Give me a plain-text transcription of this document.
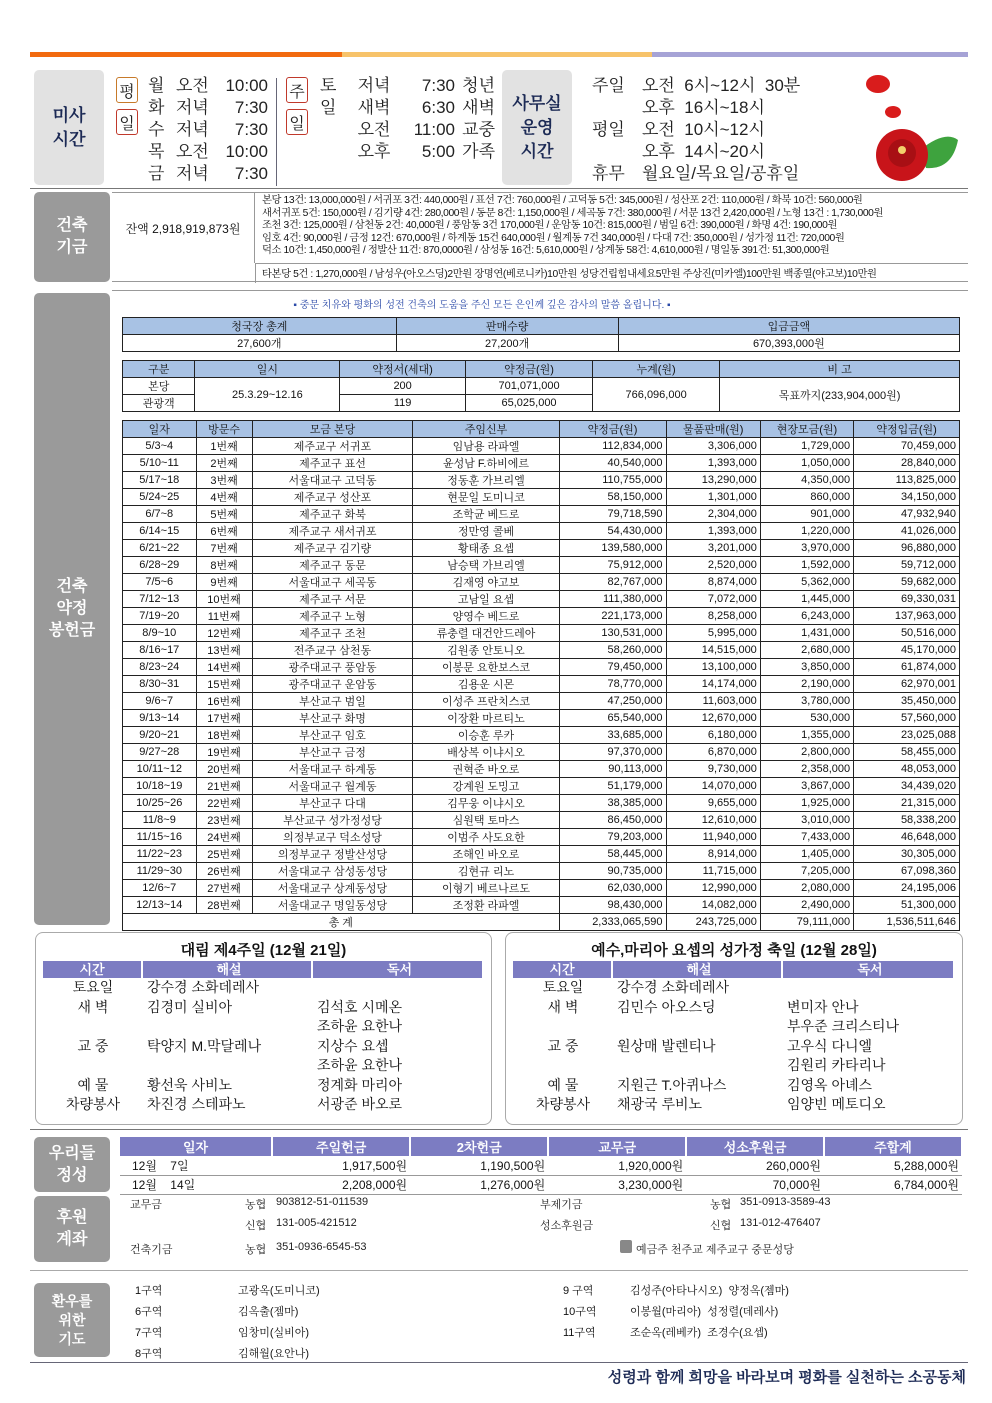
미사
시간
평
일
월 오전 10:00
화 저녁	7:30
수 저녁	7:30
목 오전 10:00
금 저녁	7:30
주
일
토	저녁	7:30 청년
일	새벽	6:30 새벽
오전	11:00 교중
오후	5:00 가족
사무실
운영
시간
주일	오전  6시~12시  30분
오후  16시~18시
평일	오전  10시~12시
오후  14시~20시
휴무	월요일/목요일/공휴일
건축
기금
잔액 2,918,919,873원
본당 13건: 13,000,000원 / 서귀포 3건: 440,000원 / 표선 7건: 760,000원 / 고덕동 5건: 345,000원 / 성산포 2건: 110,000원 / 화북 10건: 560,000원
새서귀포 5건: 150,000원 / 김기량 4건: 280,000원 / 동문 8건: 1,150,000원 / 세곡동 7건: 380,000원 / 서문 13건 2,420,000원 / 노형 13건 : 1,730,000원
조천 3건: 125,000원 / 삼천동 2건: 40,000원 / 풍암동 3건 170,000원 / 운암동 10건: 815,000원 / 범일 6건: 390,000원 / 화명 4건: 190,000원
임호 4건: 90,000원 / 금정 12건: 670,000원 / 하계동 15건 640,000원 / 월계동 7건 340,000원 / 다대 7건: 350,000원 / 성가정 11건: 720,000원
덕소 10건: 1,450,000원 / 정발산 11건: 870,0000원 / 삼성동 16건: 5,610,000원 / 상계동 58건: 4,610,000원 / 명일동 391건: 51,300,000원
타본당 5건 : 1,270,000원 / 남성우(아오스딩)2만원 장명연(베로니카)10만원 성당건립힘내세요5만원 주상진(미카엘)100만원 백종열(야고보)10만원
건축
약정
봉헌금
▪ 중문 치유와 평화의 성전 건축의 도움을 주신 모든 은인께 깊은 감사의 말씀 올립니다. ▪
청국장 총계	판매수량	입금금액
27,600개	27,200개	670,393,000원
구분	일시	약정서(세대)	약정금(원)	누계(원)	비 고
본당	25.3.29~12.16	200	701,071,000	766,096,000	목표까지(233,904,000원)
관광객		119	65,025,000		
일자	방문수	모금 본당	주임신부	약정금(원)	물품판매(원)	현장모금(원)	약정입금(원)
5/3~4	1번째	제주교구 서귀포	임남용 라파엘	112,834,000	3,306,000	1,729,000	70,459,000
5/10~11	2번째	제주교구 표선	윤성남 F.하비에르	40,540,000	1,393,000	1,050,000	28,840,000
5/17~18	3번째	서울대교구 고덕동	정동훈 가브리엘	110,755,000	13,290,000	4,350,000	113,825,000
5/24~25	4번째	제주교구 성산포	현문일 도미니코	58,150,000	1,301,000	860,000	34,150,000
6/7~8	5번째	제주교구 화북	조학균 베드로	79,718,590	2,304,000	901,000	47,932,940
6/14~15	6번째	제주교구 새서귀포	정만영 콜베	54,430,000	1,393,000	1,220,000	41,026,000
6/21~22	7번째	제주교구 김기량	황태종 요셉	139,580,000	3,201,000	3,970,000	96,880,000
6/28~29	8번째	제주교구 동문	남승택 가브리엘	75,912,000	2,520,000	1,592,000	59,712,000
7/5~6	9번째	서울대교구 세곡동	김재영 야고보	82,767,000	8,874,000	5,362,000	59,682,000
7/12~13	10번째	제주교구 서문	고남일 요셉	111,380,000	7,072,000	1,445,000	69,330,031
7/19~20	11번째	제주교구 노형	양영수 베드로	221,173,000	8,258,000	6,243,000	137,963,000
8/9~10	12번째	제주교구 조천	류충렬 대건안드레아	130,531,000	5,995,000	1,431,000	50,516,000
8/16~17	13번째	전주교구 삼천동	김원종 안토니오	58,260,000	14,515,000	2,680,000	45,170,000
8/23~24	14번째	광주대교구 풍암동	이봉문 요한보스코	79,450,000	13,100,000	3,850,000	61,874,000
8/30~31	15번째	광주대교구 운암동	김용운 시몬	78,770,000	14,174,000	2,190,000	62,970,001
9/6~7	16번째	부산교구 범일	이성주 프란치스코	47,250,000	11,603,000	3,780,000	35,450,000
9/13~14	17번째	부산교구 화명	이장환 마르티노	65,540,000	12,670,000	530,000	57,560,000
9/20~21	18번째	부산교구 임호	이승훈 루카	33,685,000	6,180,000	1,355,000	23,025,088
9/27~28	19번째	부산교구 금정	배상복 이냐시오	97,370,000	6,870,000	2,800,000	58,455,000
10/11~12	20번째	서울대교구 하계동	권혁준 바오로	90,113,000	9,730,000	2,358,000	48,053,000
10/18~19	21번째	서울대교구 월계동	강계원 도밍고	51,179,000	14,070,000	3,867,000	34,439,020
10/25~26	22번째	부산교구 다대	김무웅 이냐시오	38,385,000	9,655,000	1,925,000	21,315,000
11/8~9	23번째	부산교구 성가정성당	심원택 토마스	86,450,000	12,610,000	3,010,000	58,338,200
11/15~16	24번째	의정부교구 덕소성당	이범주 사도요한	79,203,000	11,940,000	7,433,000	46,648,000
11/22~23	25번째	의정부교구 정발산성당	조해인 바오로	58,445,000	8,914,000	1,405,000	30,305,000
11/29~30	26번째	서울대교구 삼성동성당	김현규 리노	90,735,000	11,715,000	7,205,000	67,098,360
12/6~7	27번째	서울대교구 상계동성당	이형기 베르나르도	62,030,000	12,990,000	2,080,000	24,195,006
12/13~14	28번째	서울대교구 명일동성당	조정환 라파엘	98,430,000	14,082,000	2,490,000	51,300,000
총 계				2,333,065,590	243,725,000	79,111,000	1,536,511,646
대림 제4주일 (12월 21일)
시간	해설	독서
토요일	강수경 소화데레사
새 벽	김경미 실비아	김석호 시메온
조하윤 요한나
교 중	탁양지 M.막달레나	지상수 요셉
조하윤 요한나
예 물	황선욱 사비노	정계화 마리아
차량봉사	차진경 스테파노	서광준 바오로
예수,마리아 요셉의 성가정 축일 (12월 28일)
시간	해설	독서
토요일	강수경 소화데레사
새 벽	김민수 아오스딩	변미자 안나
부우준 크리스티나
교 중	원상매 발렌티나	고우식 다니엘
김원리 카타리나
예 물	지원근 T.아퀴나스	김영옥 아녜스
차량봉사	채광국 루비노	임양빈 메토디오
우리들
정성
일자	주일헌금	2차헌금	교무금	성소후원금	주합계
12월    7일	1,917,500원	1,190,500원	1,920,000원	260,000원	5,288,000원
12월    14일	2,208,000원	1,276,000원	3,230,000원	70,000원	6,784,000원
후원
계좌
교무금	농협 903812-51-011539
신협 131-005-421512
건축기금	농협 351-0936-6545-53
부제기금	농협 351-0913-3589-43
성소후원금	신협 131-012-476407
예금주 천주교 제주교구 중문성당
환우를
위한
기도
1구역	고광옥(도미니코)
6구역	김옥출(젬마)
7구역	임창미(실비아)
8구역	김해월(요안나)
9 구역	김성주(아타나시오)  양정옥(젬마)
10구역	이봉월(마리아)  성정렬(데레사)
11구역	조순옥(레베카)  조경수(요셉)
성령과 함께 희망을 바라보며 평화를 실천하는 소공동체
